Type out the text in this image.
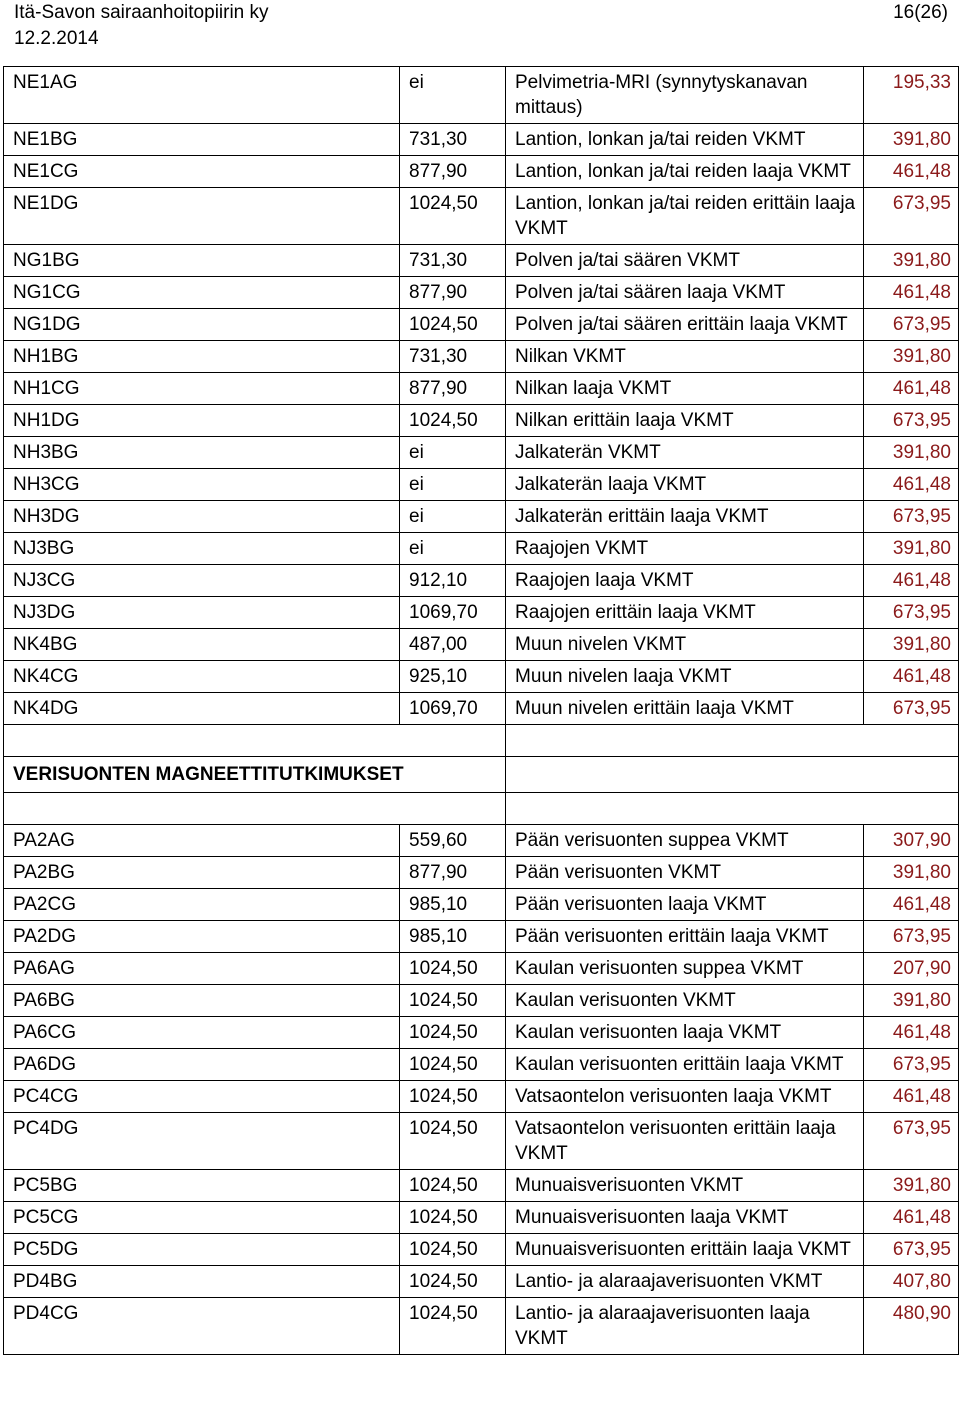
Itä-Savon sairaanhoitopiirin ky
12.2.2014
16(26)
NE1AG	ei	Pelvimetria-MRI (synnytyskanavan mittaus)	195,33
NE1BG	731,30	Lantion, lonkan ja/tai reiden VKMT	391,80
NE1CG	877,90	Lantion, lonkan ja/tai reiden laaja VKMT	461,48
NE1DG	1024,50	Lantion, lonkan ja/tai reiden erittäin laaja VKMT	673,95
NG1BG	731,30	Polven ja/tai säären VKMT	391,80
NG1CG	877,90	Polven ja/tai säären laaja VKMT	461,48
NG1DG	1024,50	Polven ja/tai säären erittäin laaja VKMT	673,95
NH1BG	731,30	Nilkan VKMT	391,80
NH1CG	877,90	Nilkan laaja VKMT	461,48
NH1DG	1024,50	Nilkan erittäin laaja VKMT	673,95
NH3BG	ei	Jalkaterän VKMT	391,80
NH3CG	ei	Jalkaterän laaja VKMT	461,48
NH3DG	ei	Jalkaterän erittäin laaja VKMT	673,95
NJ3BG	ei	Raajojen VKMT	391,80
NJ3CG	912,10	Raajojen laaja VKMT	461,48
NJ3DG	1069,70	Raajojen erittäin laaja VKMT	673,95
NK4BG	487,00	Muun nivelen VKMT	391,80
NK4CG	925,10	Muun nivelen laaja VKMT	461,48
NK4DG	1069,70	Muun nivelen erittäin laaja VKMT	673,95

VERISUONTEN MAGNEETTITUTKIMUKSET			

PA2AG	559,60	Pään verisuonten suppea VKMT	307,90
PA2BG	877,90	Pään verisuonten VKMT	391,80
PA2CG	985,10	Pään verisuonten laaja VKMT	461,48
PA2DG	985,10	Pään verisuonten erittäin laaja VKMT	673,95
PA6AG	1024,50	Kaulan verisuonten suppea VKMT	207,90
PA6BG	1024,50	Kaulan verisuonten VKMT	391,80
PA6CG	1024,50	Kaulan verisuonten laaja VKMT	461,48
PA6DG	1024,50	Kaulan verisuonten erittäin laaja VKMT	673,95
PC4CG	1024,50	Vatsaontelon verisuonten laaja VKMT	461,48
PC4DG	1024,50	Vatsaontelon verisuonten erittäin laaja VKMT	673,95
PC5BG	1024,50	Munuaisverisuonten VKMT	391,80
PC5CG	1024,50	Munuaisverisuonten laaja VKMT	461,48
PC5DG	1024,50	Munuaisverisuonten erittäin laaja VKMT	673,95
PD4BG	1024,50	Lantio- ja alaraajaverisuonten VKMT	407,80
PD4CG	1024,50	Lantio- ja alaraajaverisuonten laaja VKMT	480,90
